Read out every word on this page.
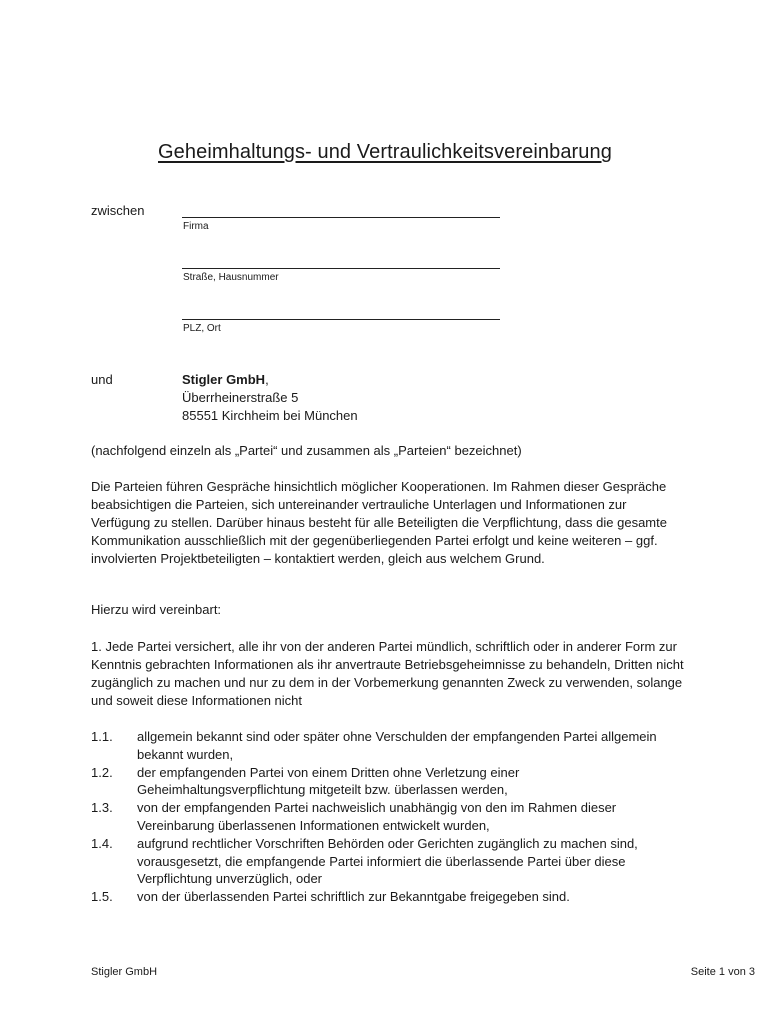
Geheimhaltungs- und Vertraulichkeitsvereinbarung
zwischen
Firma
Straße, Hausnummer
PLZ, Ort
und	Stigler GmbH,
Überrheinerstraße 5
85551 Kirchheim bei München
(nachfolgend einzeln als „Partei“ und zusammen als „Parteien“ bezeichnet)
Die Parteien führen Gespräche hinsichtlich möglicher Kooperationen. Im Rahmen dieser Gespräche beabsichtigen die Parteien, sich untereinander vertrauliche Unterlagen und Informationen zur Verfügung zu stellen. Darüber hinaus besteht für alle Beteiligten die Verpflichtung, dass die gesamte Kommunikation ausschließlich mit der gegenüberliegenden Partei erfolgt und keine weiteren – ggf. involvierten Projektbeteiligten – kontaktiert werden, gleich aus welchem Grund.
Hierzu wird vereinbart:
1. Jede Partei versichert, alle ihr von der anderen Partei mündlich, schriftlich oder in anderer Form zur Kenntnis gebrachten Informationen als ihr anvertraute Betriebsgeheimnisse zu behandeln, Dritten nicht zugänglich zu machen und nur zu dem in der Vorbemerkung genannten Zweck zu verwenden, solange und soweit diese Informationen nicht
1.1.	allgemein bekannt sind oder später ohne Verschulden der empfangenden Partei allgemein bekannt wurden,
1.2.	der empfangenden Partei von einem Dritten ohne Verletzung einer Geheimhaltungsverpflichtung mitgeteilt bzw. überlassen werden,
1.3.	von der empfangenden Partei nachweislich unabhängig von den im Rahmen dieser Vereinbarung überlassenen Informationen entwickelt wurden,
1.4.	aufgrund rechtlicher Vorschriften Behörden oder Gerichten zugänglich zu machen sind, vorausgesetzt, die empfangende Partei informiert die überlassende Partei über diese Verpflichtung unverzüglich, oder
1.5.	von der überlassenden Partei schriftlich zur Bekanntgabe freigegeben sind.
Stigler GmbH	Seite 1 von 3
